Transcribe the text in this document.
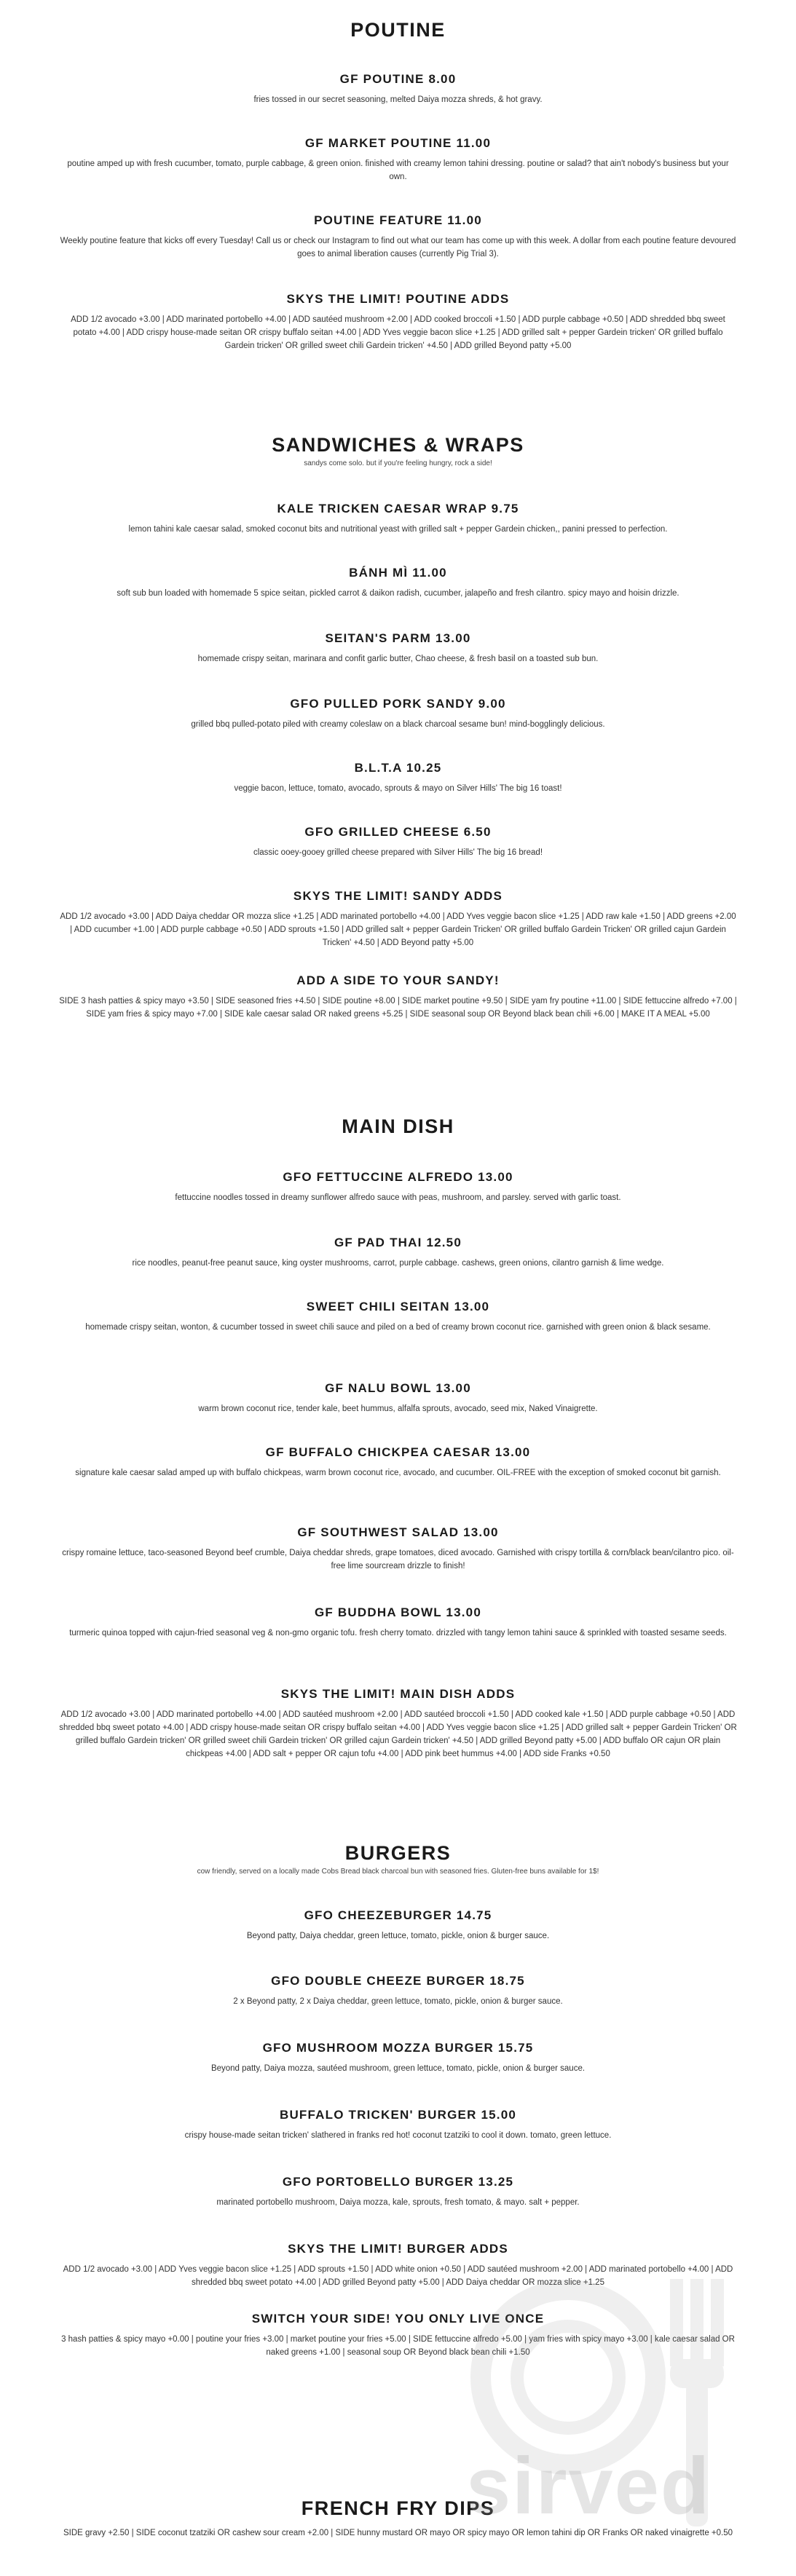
POUTINE
GF POUTINE 8.00

fries tossed in our secret seasoning, melted Daiya mozza shreds, & hot gravy.

GF MARKET POUTINE 11.00

poutine amped up with fresh cucumber, tomato, purple cabbage, & green onion. finished with creamy lemon tahini dressing. poutine or salad? that ain't nobody's business but your own.

POUTINE FEATURE 11.00

Weekly poutine feature that kicks off every Tuesday! Call us or check our Instagram to find out what our team has come up with this week. A dollar from each poutine feature devoured goes to animal liberation causes (currently Pig Trial 3).

SKYS THE LIMIT! POUTINE ADDS

ADD 1/2 avocado +3.00 | ADD marinated portobello +4.00 | ADD sautéed mushroom +2.00 | ADD cooked broccoli +1.50 | ADD purple cabbage +0.50 | ADD shredded bbq sweet potato +4.00 | ADD crispy house-made seitan OR crispy buffalo seitan +4.00 | ADD Yves veggie bacon slice +1.25 | ADD grilled salt + pepper Gardein tricken' OR grilled buffalo Gardein tricken' OR grilled sweet chili Gardein tricken' +4.50 | ADD grilled Beyond patty +5.00

SANDWICHES & WRAPS

sandys come solo. but if you're feeling hungry, rock a side!

KALE TRICKEN CAESAR WRAP 9.75

lemon tahini kale caesar salad, smoked coconut bits and nutritional yeast with grilled salt + pepper Gardein chicken,, panini pressed to perfection.

BÁNH MÌ 11.00

soft sub bun loaded with homemade 5 spice seitan, pickled carrot & daikon radish, cucumber, jalapeño and fresh cilantro. spicy mayo and hoisin drizzle.

SEITAN'S PARM 13.00

homemade crispy seitan, marinara and confit garlic butter, Chao cheese, & fresh basil on a toasted sub bun.

GFO PULLED PORK SANDY 9.00

grilled bbq pulled-potato piled with creamy coleslaw on a black charcoal sesame bun! mind-bogglingly delicious.

B.L.T.A 10.25

veggie bacon, lettuce, tomato, avocado, sprouts & mayo on Silver Hills' The big 16 toast!

GFO GRILLED CHEESE 6.50

classic ooey-gooey grilled cheese prepared with Silver Hills' The big 16 bread!

SKYS THE LIMIT! SANDY ADDS

ADD 1/2 avocado +3.00 | ADD Daiya cheddar OR mozza slice +1.25 | ADD marinated portobello +4.00 | ADD Yves veggie bacon slice +1.25 | ADD raw kale +1.50 | ADD greens +2.00 | ADD cucumber +1.00 | ADD purple cabbage +0.50 | ADD sprouts +1.50 | ADD grilled salt + pepper Gardein Tricken' OR grilled buffalo Gardein Tricken' OR grilled cajun Gardein Tricken' +4.50 | ADD Beyond patty +5.00

ADD A SIDE TO YOUR SANDY!

SIDE 3 hash patties & spicy mayo +3.50 | SIDE seasoned fries +4.50 | SIDE poutine +8.00 | SIDE market poutine +9.50 | SIDE yam fry poutine +11.00 | SIDE fettuccine alfredo +7.00 | SIDE yam fries & spicy mayo +7.00 | SIDE kale caesar salad OR naked greens +5.25 | SIDE seasonal soup OR Beyond black bean chili +6.00 | MAKE IT A MEAL +5.00

MAIN DISH
GFO FETTUCCINE ALFREDO 13.00

fettuccine noodles tossed in dreamy sunflower alfredo sauce with peas, mushroom, and parsley. served with garlic toast.

GF PAD THAI 12.50

rice noodles, peanut-free peanut sauce, king oyster mushrooms, carrot, purple cabbage. cashews, green onions, cilantro garnish & lime wedge.

SWEET CHILI SEITAN 13.00

homemade crispy seitan, wonton, & cucumber tossed in sweet chili sauce and piled on a bed of creamy brown coconut rice. garnished with green onion & black sesame.

GF NALU BOWL 13.00

warm brown coconut rice, tender kale, beet hummus, alfalfa sprouts, avocado, seed mix, Naked Vinaigrette.

GF BUFFALO CHICKPEA CAESAR 13.00

signature kale caesar salad amped up with buffalo chickpeas, warm brown coconut rice, avocado, and cucumber. OIL-FREE with the exception of smoked coconut bit garnish.

GF SOUTHWEST SALAD 13.00

crispy romaine lettuce, taco-seasoned Beyond beef crumble, Daiya cheddar shreds, grape tomatoes, diced avocado. Garnished with crispy tortilla & corn/black bean/cilantro pico. oil-free lime sourcream drizzle to finish!

GF BUDDHA BOWL 13.00

turmeric quinoa topped with cajun-fried seasonal veg & non-gmo organic tofu. fresh cherry tomato. drizzled with tangy lemon tahini sauce & sprinkled with toasted sesame seeds.

SKYS THE LIMIT! MAIN DISH ADDS

ADD 1/2 avocado +3.00 | ADD marinated portobello +4.00 | ADD sautéed mushroom +2.00 | ADD sautéed broccoli +1.50 | ADD cooked kale +1.50 | ADD purple cabbage +0.50 | ADD shredded bbq sweet potato +4.00 | ADD crispy house-made seitan OR crispy buffalo seitan +4.00 | ADD Yves veggie bacon slice +1.25 | ADD grilled salt + pepper Gardein Tricken' OR grilled buffalo Gardein tricken' OR grilled sweet chili Gardein tricken' OR grilled cajun Gardein tricken' +4.50 | ADD grilled Beyond patty +5.00 | ADD buffalo OR cajun OR plain chickpeas +4.00 | ADD salt + pepper OR cajun tofu +4.00 | ADD pink beet hummus +4.00 | ADD side Franks +0.50

BURGERS

cow friendly, served on a locally made Cobs Bread black charcoal bun with seasoned fries. Gluten-free buns available for 1$!

GFO CHEEZEBURGER 14.75

Beyond patty, Daiya cheddar, green lettuce, tomato, pickle, onion & burger sauce.

GFO DOUBLE CHEEZE BURGER 18.75

2 x Beyond patty, 2 x Daiya cheddar, green lettuce, tomato, pickle, onion & burger sauce.

GFO MUSHROOM MOZZA BURGER 15.75

Beyond patty, Daiya mozza, sautéed mushroom, green lettuce, tomato, pickle, onion & burger sauce.

BUFFALO TRICKEN' BURGER 15.00

crispy house-made seitan tricken' slathered in franks red hot! coconut tzatziki to cool it down. tomato, green lettuce.

GFO PORTOBELLO BURGER 13.25

marinated portobello mushroom, Daiya mozza, kale, sprouts, fresh tomato, & mayo. salt + pepper.

SKYS THE LIMIT! BURGER ADDS

ADD 1/2 avocado +3.00 | ADD Yves veggie bacon slice +1.25 | ADD sprouts +1.50 | ADD white onion +0.50 | ADD sautéed mushroom +2.00 | ADD marinated portobello +4.00 | ADD shredded bbq sweet potato +4.00 | ADD grilled Beyond patty +5.00 | ADD Daiya cheddar OR mozza slice +1.25

SWITCH YOUR SIDE! YOU ONLY LIVE ONCE

3 hash patties & spicy mayo +0.00 | poutine your fries +3.00 | market poutine your fries +5.00 | SIDE fettuccine alfredo +5.00 | yam fries with spicy mayo +3.00 | kale caesar salad OR naked greens +1.00 | seasonal soup OR Beyond black bean chili +1.50

FRENCH FRY DIPS

SIDE gravy +2.50 | SIDE coconut tzatziki OR cashew sour cream +2.00 | SIDE hunny mustard OR mayo OR spicy mayo OR lemon tahini dip OR Franks OR naked vinaigrette +0.50

sirved
